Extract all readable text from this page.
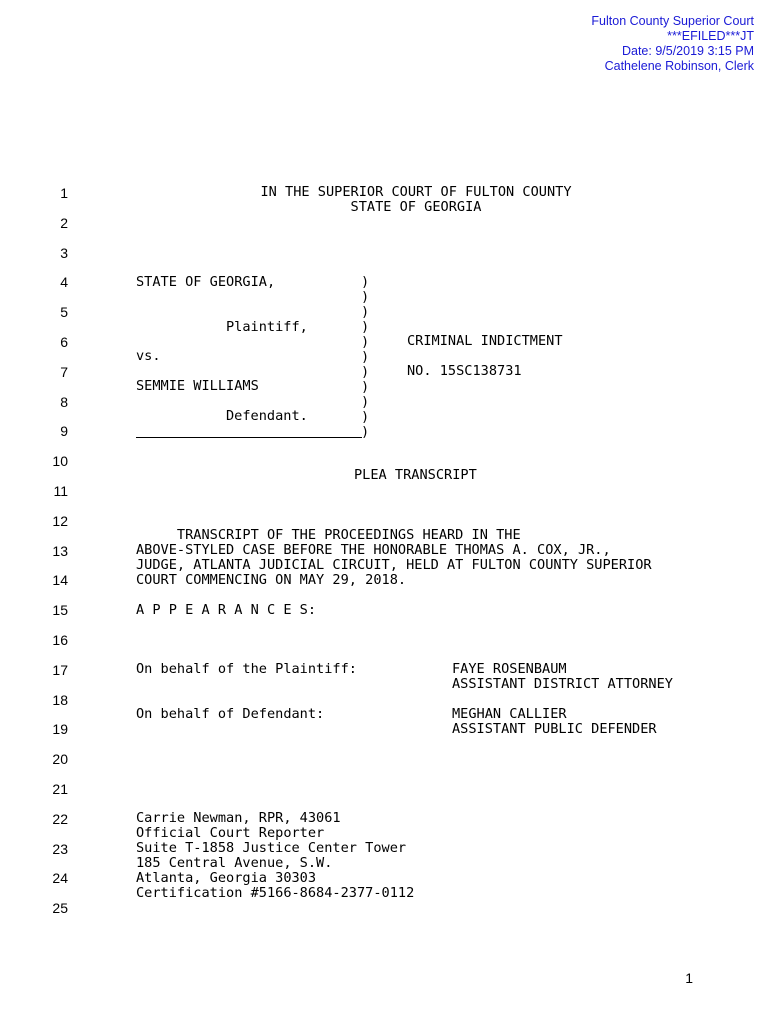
Fulton County Superior Court
***EFILED***JT
Date: 9/5/2019 3:15 PM
Cathelene Robinson, Clerk
1
2
3
4
5
6
7
8
9
10
11
12
13
14
15
16
17
18
19
20
21
22
23
24
25
IN THE SUPERIOR COURT OF FULTON COUNTY
STATE OF GEORGIA
STATE OF GEORGIA,
Plaintiff,
vs.
SEMMIE WILLIAMS
Defendant.
)
)
)
)
)
)
)
)
)
)
)
CRIMINAL INDICTMENT
NO. 15SC138731
PLEA TRANSCRIPT
TRANSCRIPT OF THE PROCEEDINGS HEARD IN THE
ABOVE-STYLED CASE BEFORE THE HONORABLE THOMAS A. COX, JR.,
JUDGE, ATLANTA JUDICIAL CIRCUIT, HELD AT FULTON COUNTY SUPERIOR
COURT COMMENCING ON MAY 29, 2018.
A P P E A R A N C E S:
On behalf of the Plaintiff:	FAYE ROSENBAUM
ASSISTANT DISTRICT ATTORNEY
On behalf of Defendant:	MEGHAN CALLIER
ASSISTANT PUBLIC DEFENDER
Carrie Newman, RPR, 43061
Official Court Reporter
Suite T-1858 Justice Center Tower
185 Central Avenue, S.W.
Atlanta, Georgia 30303
Certification #5166-8684-2377-0112
1
